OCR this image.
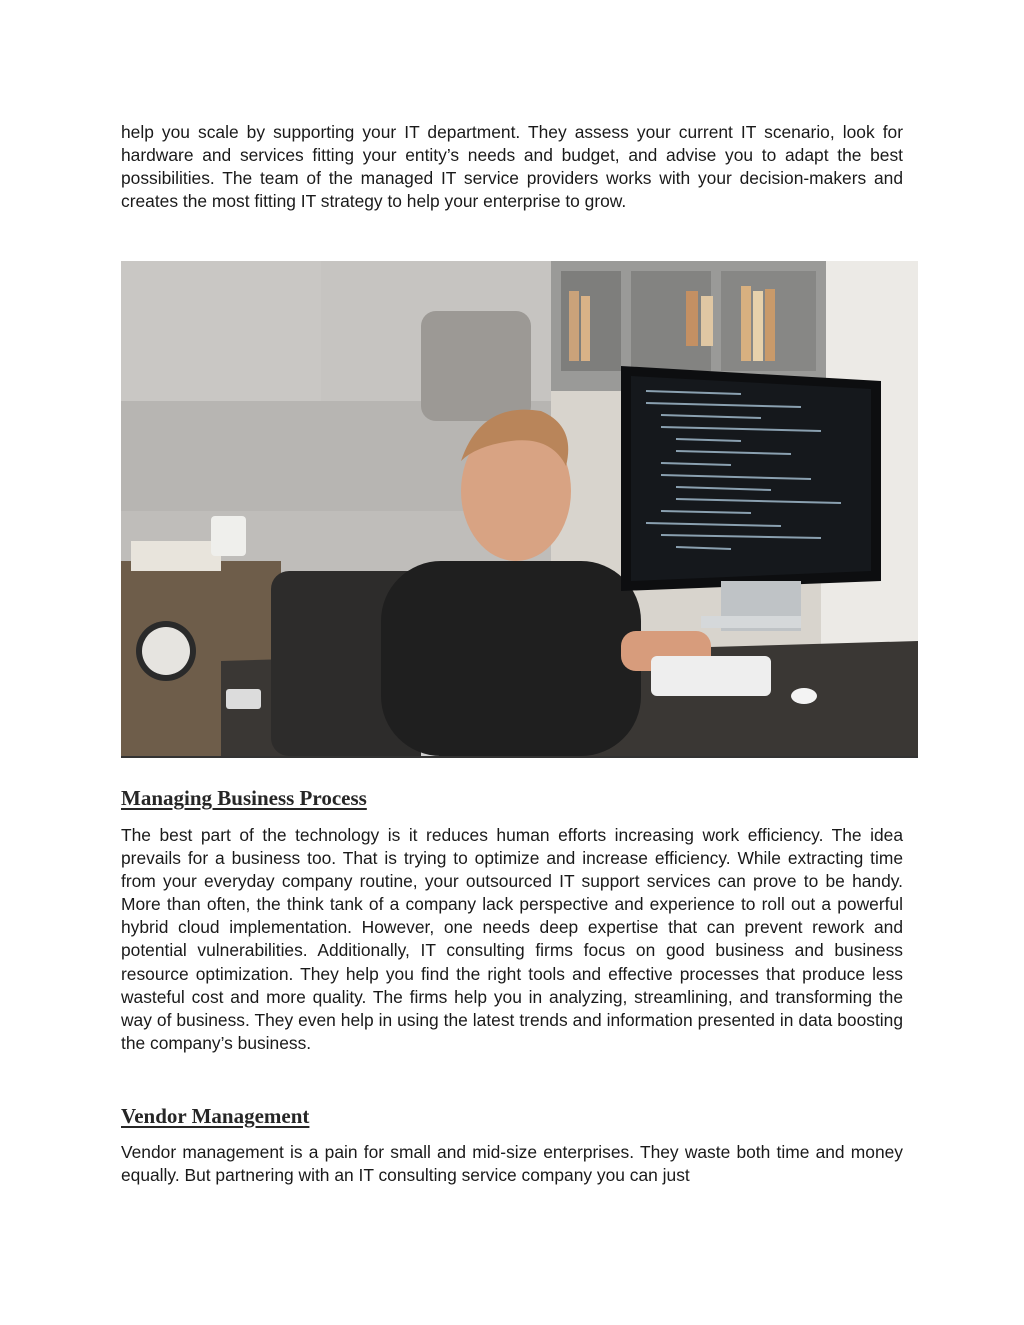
help you scale by supporting your IT department. They assess your current IT scenario, look for hardware and services fitting your entity’s needs and budget, and advise you to adapt the best possibilities. The team of the managed IT service providers works with your decision-makers and creates the most fitting IT strategy to help your enterprise to grow.

Managing Business Process

The best part of the technology is it reduces human efforts increasing work efficiency. The idea prevails for a business too. That is trying to optimize and increase efficiency. While extracting time from your everyday company routine, your outsourced IT support services can prove to be handy. More than often, the think tank of a company lack perspective and experience to roll out a powerful hybrid cloud implementation. However, one needs deep expertise that can prevent rework and potential vulnerabilities. Additionally, IT consulting firms focus on good business and business resource optimization. They help you find the right tools and effective processes that produce less wasteful cost and more quality. The firms help you in analyzing, streamlining, and transforming the way of business. They even help in using the latest trends and information presented in data boosting the company’s business.

Vendor Management

Vendor management is a pain for small and mid-size enterprises. They waste both time and money equally. But partnering with an IT consulting service company you can just
